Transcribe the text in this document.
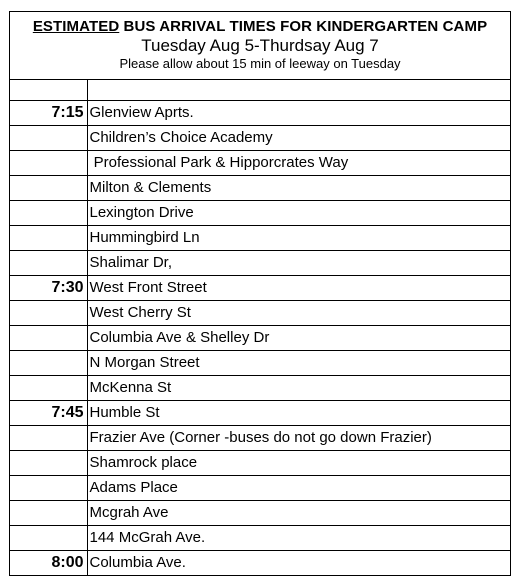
ESTIMATED BUS ARRIVAL TIMES FOR KINDERGARTEN CAMP
Tuesday Aug 5-Thurdsay Aug 7
Please allow about 15 min of leeway on Tuesday

7:15	Glenview Aprts.
	Children’s Choice Academy
	Professional Park & Hipporcrates Way
	Milton & Clements
	Lexington Drive
	Hummingbird Ln
	Shalimar Dr,
7:30	West Front Street
	West Cherry St
	Columbia Ave & Shelley Dr
	N Morgan Street
	McKenna St
7:45	Humble St
	Frazier Ave (Corner -buses do not go down Frazier)
	Shamrock place
	Adams Place
	Mcgrah Ave
	144 McGrah Ave.
8:00	Columbia Ave.
